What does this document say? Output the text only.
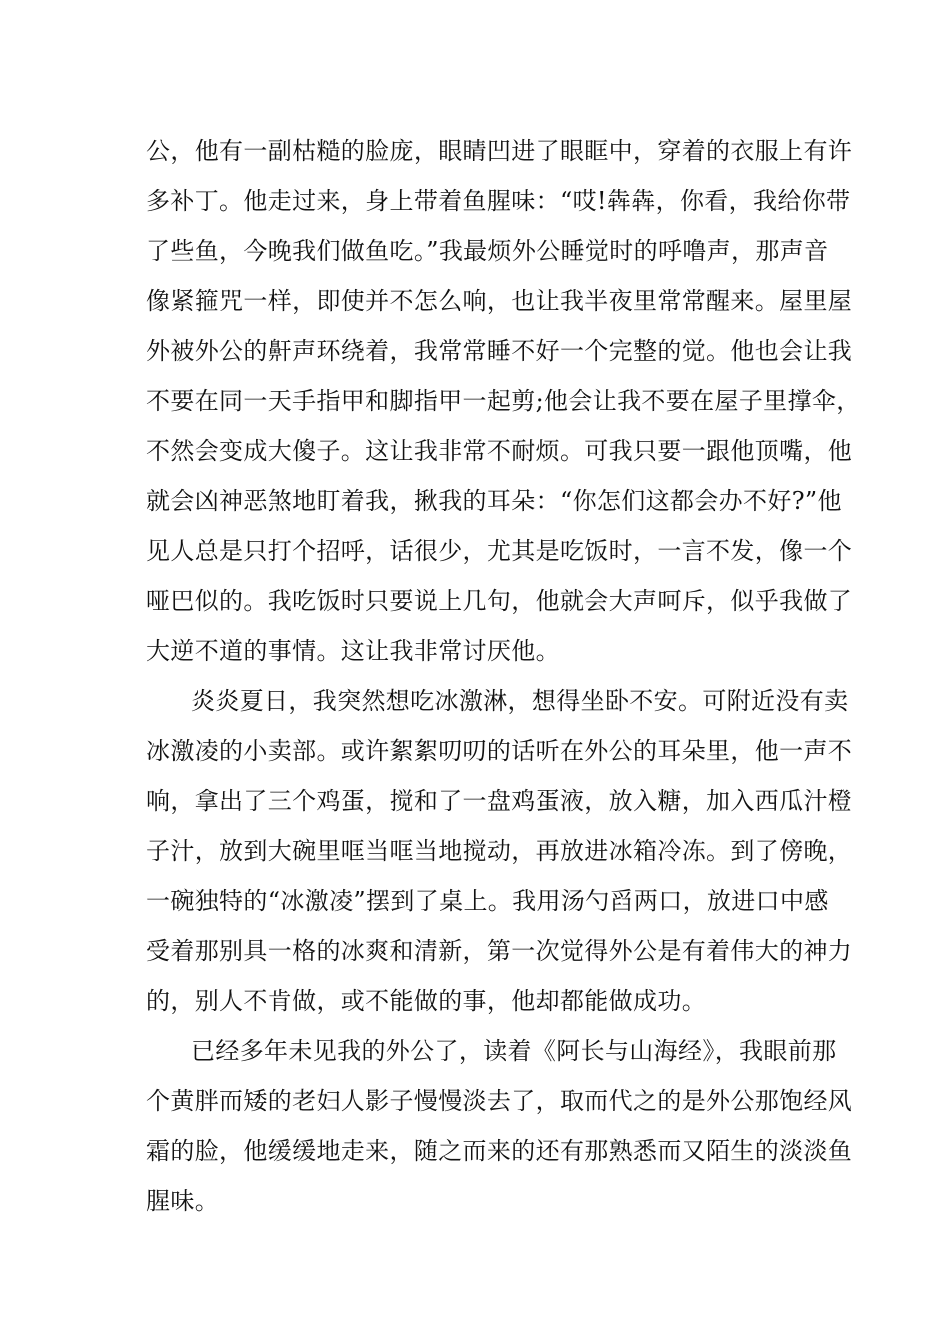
公，他有一副枯糙的脸庞，眼睛凹进了眼眶中，穿着的衣服上有许
多补丁。他走过来，身上带着鱼腥味：“哎!犇犇，你看，我给你带
了些鱼，今晚我们做鱼吃。”我最烦外公睡觉时的呼噜声，那声音
像紧箍咒一样，即使并不怎么响，也让我半夜里常常醒来。屋里屋
外被外公的鼾声环绕着，我常常睡不好一个完整的觉。他也会让我
不要在同一天手指甲和脚指甲一起剪;他会让我不要在屋子里撑伞，
不然会变成大傻子。这让我非常不耐烦。可我只要一跟他顶嘴，他
就会凶神恶煞地盯着我，揪我的耳朵：“你怎们这都会办不好?”他
见人总是只打个招呼，话很少，尤其是吃饭时，一言不发，像一个
哑巴似的。我吃饭时只要说上几句，他就会大声呵斥，似乎我做了
大逆不道的事情。这让我非常讨厌他。
炎炎夏日，我突然想吃冰激淋，想得坐卧不安。可附近没有卖
冰激凌的小卖部。或许絮絮叨叨的话听在外公的耳朵里，他一声不
响，拿出了三个鸡蛋，搅和了一盘鸡蛋液，放入糖，加入西瓜汁橙
子汁，放到大碗里哐当哐当地搅动，再放进冰箱冷冻。到了傍晚，
一碗独特的“冰激凌”摆到了桌上。我用汤勺舀两口，放进口中感
受着那别具一格的冰爽和清新，第一次觉得外公是有着伟大的神力
的，别人不肯做，或不能做的事，他却都能做成功。
已经多年未见我的外公了，读着《阿长与山海经》，我眼前那
个黄胖而矮的老妇人影子慢慢淡去了，取而代之的是外公那饱经风
霜的脸，他缓缓地走来，随之而来的还有那熟悉而又陌生的淡淡鱼
腥味。
